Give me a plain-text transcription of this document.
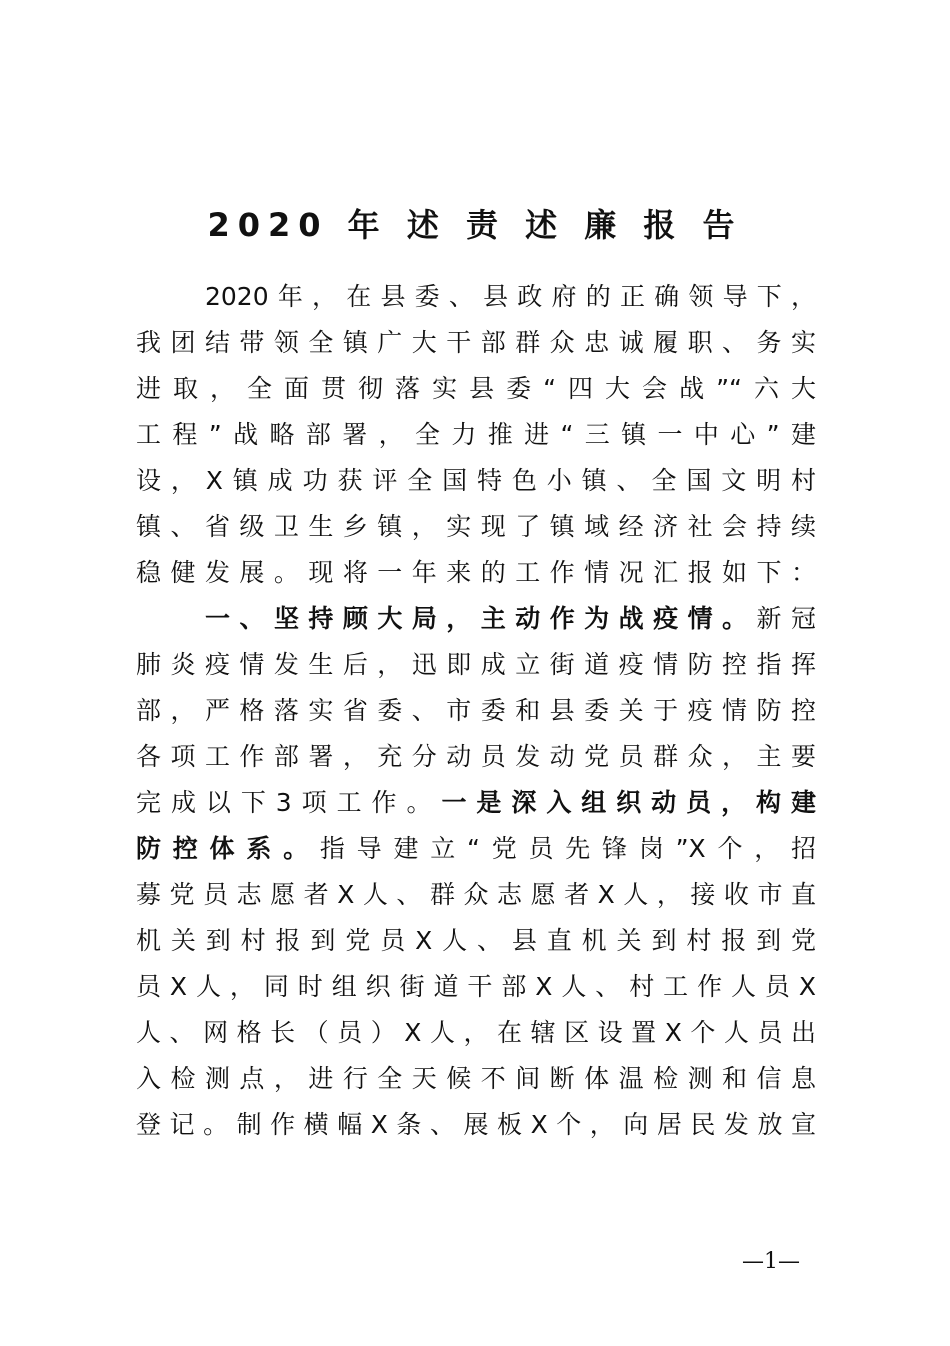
2020 年 述 责 述 廉 报 告
2020年，在县委、县政府的正确领导下，
我团结带领全镇广大干部群众忠诚履职、务实
进取，全面贯彻落实县委“四大会战”“六大
工程”战略部署，全力推进“三镇一中心”建
设，X镇成功获评全国特色小镇、全国文明村
镇、省级卫生乡镇，实现了镇域经济社会持续
稳健发展。现将一年来的工作情况汇报如下：
一、坚持顾大局，主动作为战疫情。新冠
肺炎疫情发生后，迅即成立街道疫情防控指挥
部，严格落实省委、市委和县委关于疫情防控
各项工作部署，充分动员发动党员群众，主要
完成以下3项工作。一是深入组织动员，构建
防控体系。指导建立“党员先锋岗”X个，招
募党员志愿者X人、群众志愿者X人，接收市直
机关到村报到党员X人、县直机关到村报到党
员X人，同时组织街道干部X人、村工作人员X
人、网格长（员）X人，在辖区设置X个人员出
入检测点，进行全天候不间断体温检测和信息
登记。制作横幅X条、展板X个，向居民发放宣
—1—
